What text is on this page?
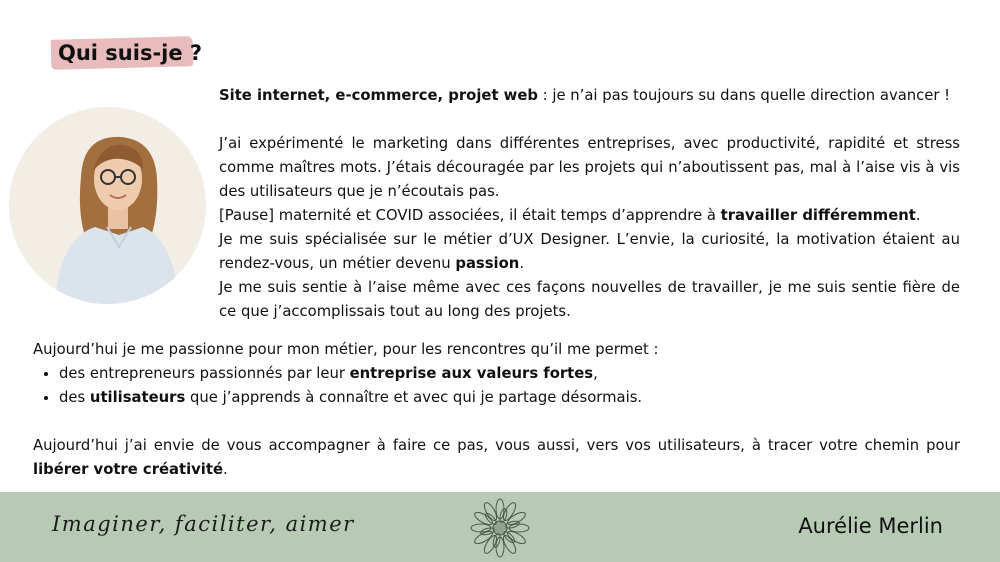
Qui suis-je ?

Site internet, e-commerce, projet web : je n’ai pas toujours su dans quelle direction avancer !

J’ai expérimenté le marketing dans différentes entreprises, avec productivité, rapidité et stress comme maîtres mots. J’étais découragée par les projets qui n’aboutissent pas, mal à l’aise vis à vis des utilisateurs que je n’écoutais pas.

[Pause] maternité et COVID associées, il était temps d’apprendre à travailler différemment.

Je me suis spécialisée sur le métier d’UX Designer. L’envie, la curiosité, la motivation étaient au rendez-vous, un métier devenu passion.

Je me suis sentie à l’aise même avec ces façons nouvelles de travailler, je me suis sentie fière de ce que j’accomplissais tout au long des projets.

Aujourd’hui je me passionne pour mon métier, pour les rencontres qu’il me permet :

• des entrepreneurs passionnés par leur entreprise aux valeurs fortes,
• des utilisateurs que j’apprends à connaître et avec qui je partage désormais.

Aujourd’hui j’ai envie de vous accompagner à faire ce pas, vous aussi, vers vos utilisateurs, à tracer votre chemin pour libérer votre créativité.

Imaginer, faciliter, aimer	Aurélie Merlin
